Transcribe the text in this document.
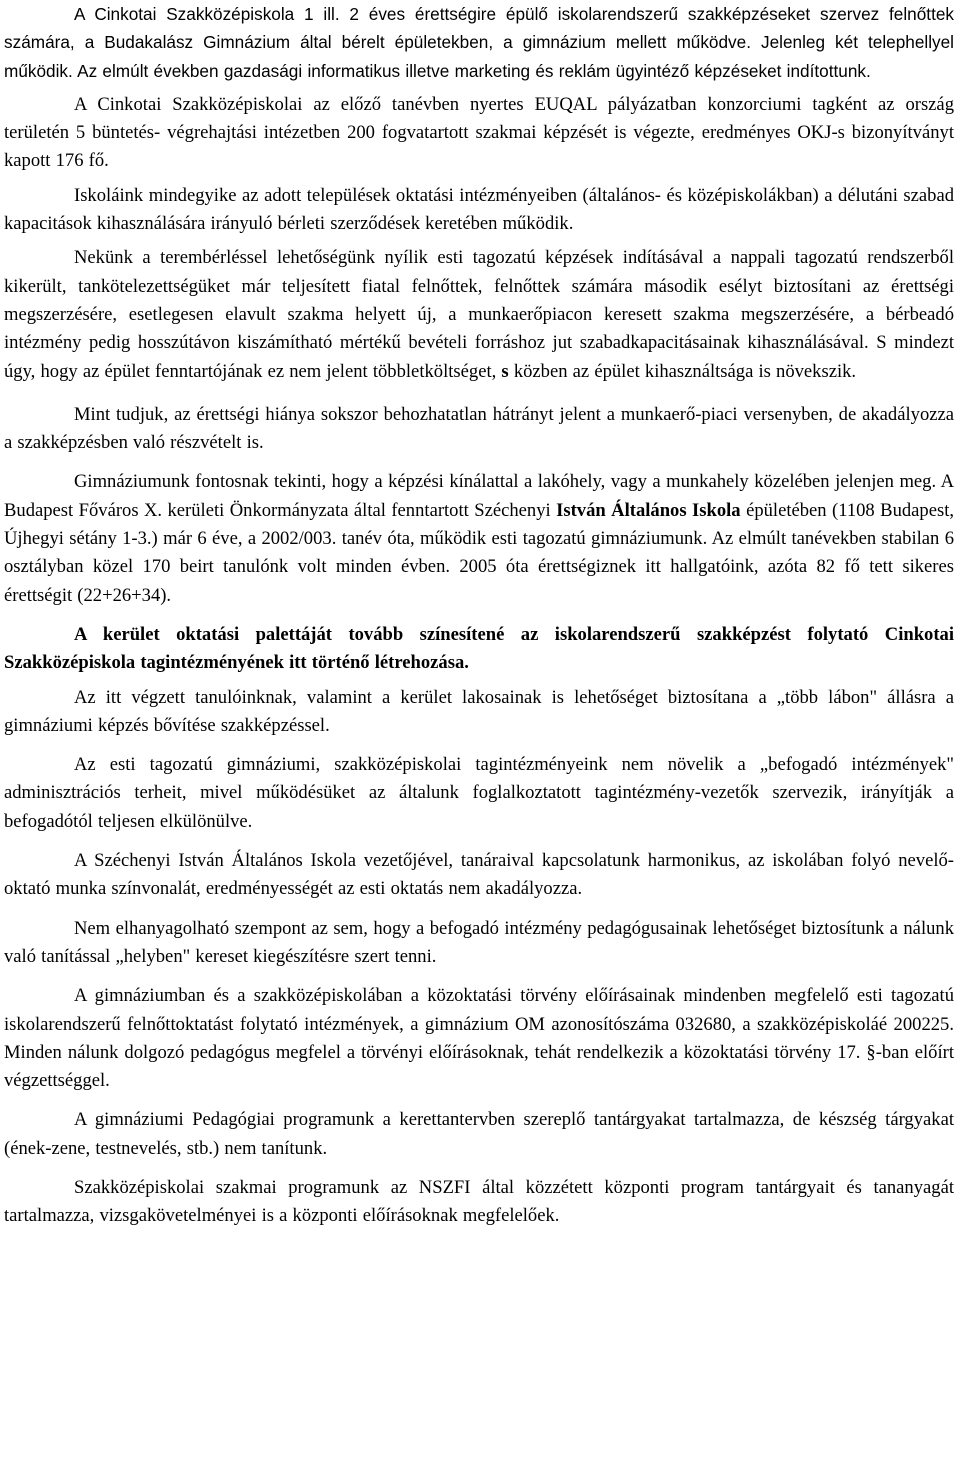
A Cinkotai Szakközépiskola 1 ill. 2 éves érettségire épülő iskolarendszerű szakképzéseket szervez felnőttek számára, a Budakalász Gimnázium által bérelt épületekben, a gimnázium mellett működve. Jelenleg két telephellyel működik. Az elmúlt években gazdasági informatikus illetve marketing és reklám ügyintéző képzéseket indítottunk.

A Cinkotai Szakközépiskolai az előző tanévben nyertes EUQAL pályázatban konzorciumi tagként az ország területén 5 büntetés- végrehajtási intézetben 200 fogvatartott szakmai képzését is végezte, eredményes OKJ-s bizonyítványt kapott 176 fő.

Iskoláink mindegyike az adott települések oktatási intézményeiben (általános- és középiskolákban) a délutáni szabad kapacitások kihasználására irányuló bérleti szerződések keretében működik.

Nekünk a terembérléssel lehetőségünk nyílik esti tagozatú képzések indításával a nappali tagozatú rendszerből kikerült, tankötelezettségüket már teljesített fiatal felnőttek, felnőttek számára második esélyt biztosítani az érettségi megszerzésére, esetlegesen elavult szakma helyett új, a munkaerőpiacon keresett szakma megszerzésére, a bérbeadó intézmény pedig hosszútávon kiszámítható mértékű bevételi forráshoz jut szabadkapacitásainak kihasználásával. S mindezt úgy, hogy az épület fenntartójának ez nem jelent többletköltséget, s közben az épület kihasználtsága is növekszik.

Mint tudjuk, az érettségi hiánya sokszor behozhatatlan hátrányt jelent a munkaerő-piaci versenyben, de akadályozza a szakképzésben való részvételt is.

Gimnáziumunk fontosnak tekinti, hogy a képzési kínálattal a lakóhely, vagy a munkahely közelében jelenjen meg. A Budapest Főváros X. kerületi Önkormányzata által fenntartott Széchenyi István Általános Iskola épületében (1108 Budapest, Újhegyi sétány 1-3.) már 6 éve, a 2002/003. tanév óta, működik esti tagozatú gimnáziumunk. Az elmúlt tanévekben stabilan 6 osztályban közel 170 beirt tanulónk volt minden évben. 2005 óta érettségiznek itt hallgatóink, azóta 82 fő tett sikeres érettségit (22+26+34).

A kerület oktatási palettáját tovább színesítené az iskolarendszerű szakképzést folytató Cinkotai Szakközépiskola tagintézményének itt történő létrehozása.

Az itt végzett tanulóinknak, valamint a kerület lakosainak is lehetőséget biztosítana a „több lábon" állásra a gimnáziumi képzés bővítése szakképzéssel.

Az esti tagozatú gimnáziumi, szakközépiskolai tagintézményeink nem növelik a „befogadó intézmények" adminisztrációs terheit, mivel működésüket az általunk foglalkoztatott tagintézmény-vezetők szervezik, irányítják a befogadótól teljesen elkülönülve.

A Széchenyi István Általános Iskola vezetőjével, tanáraival kapcsolatunk harmonikus, az iskolában folyó nevelő-oktató munka színvonalát, eredményességét az esti oktatás nem akadályozza.

Nem elhanyagolható szempont az sem, hogy a befogadó intézmény pedagógusainak lehetőséget biztosítunk a nálunk való tanítással „helyben" kereset kiegészítésre szert tenni.

A gimnáziumban és a szakközépiskolában a közoktatási törvény előírásainak mindenben megfelelő esti tagozatú iskolarendszerű felnőttoktatást folytató intézmények, a gimnázium OM azonosítószáma 032680, a szakközépiskoláé 200225. Minden nálunk dolgozó pedagógus megfelel a törvényi előírásoknak, tehát rendelkezik a közoktatási törvény 17. §-ban előírt végzettséggel.

A gimnáziumi Pedagógiai programunk a kerettantervben szereplő tantárgyakat tartalmazza, de készség tárgyakat (ének-zene, testnevelés, stb.) nem tanítunk.

Szakközépiskolai szakmai programunk az NSZFI által közzétett központi program tantárgyait és tananyagát tartalmazza, vizsgakövetelményei is a központi előírásoknak megfelelőek.
